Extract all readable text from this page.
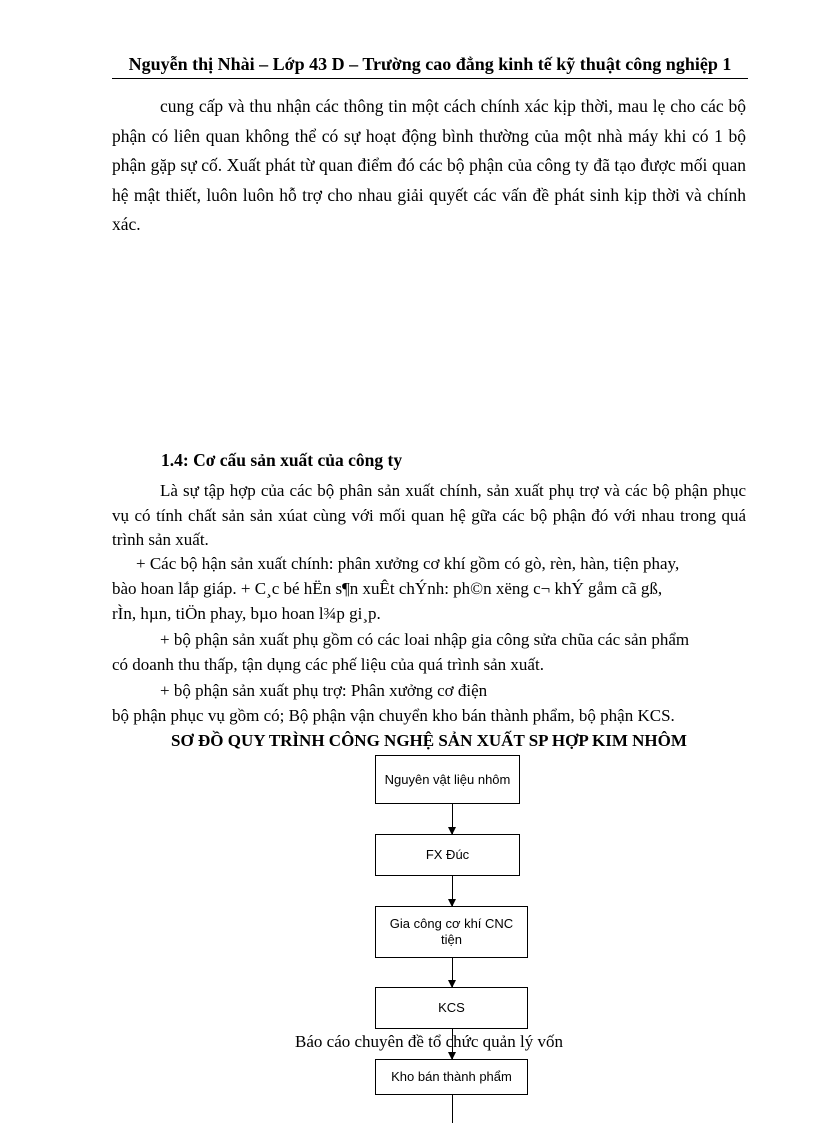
Nguyễn thị Nhài – Lớp 43 D – Trường cao đẳng kinh tế kỹ thuật công nghiệp 1

cung cấp và thu nhận các thông tin một cách chính xác kịp thời, mau lẹ cho các bộ phận có liên quan không thể có sự hoạt động bình thường của một nhà máy khi có 1 bộ phận gặp sự cố. Xuất phát từ quan điểm đó các bộ phận của công ty đã tạo được mối quan hệ mật thiết, luôn luôn hỗ trợ cho nhau giải quyết các vấn đề phát sinh kịp thời và chính xác.

1.4: Cơ cấu sản xuất của công ty

Là sự tập hợp của các bộ phân sản xuất chính, sản xuất phụ trợ và các bộ phận phục vụ có tính chất sản sản xúat cùng với mối quan hệ gữa các bộ phận đó với nhau trong quá trình sản xuất.

+ Các bộ hận sản xuất chính: phân xưởng cơ khí gồm có gò, rèn, hàn, tiện phay,
bào hoan lắp giáp. + C¸c bé hËn s¶n xuÊt chÝnh: ph©n xëng c¬ khÝ gåm cã gß,
rÌn, hµn, tiÖn phay, bµo hoan l¾p gi¸p.
+ bộ phận sản xuất phụ gồm có các loai nhập gia công sửa chũa các sản phẩm
có doanh thu thấp, tận dụng các phế liệu của quá trình sản xuất.
+ bộ phận sản xuất phụ trợ: Phân xưởng cơ điện
bộ phận phục vụ gồm có; Bộ phận vận chuyển kho bán thành phẩm, bộ phận KCS.
SƠ ĐỒ QUY TRÌNH CÔNG NGHỆ SẢN XUẤT SP HỢP KIM NHÔM
Nguyên vật liệu nhôm
FX Đúc
Gia công cơ khí CNC tiện
KCS
Kho bán thành phẩm
Báo cáo chuyên đề tổ chức quản lý vốn
